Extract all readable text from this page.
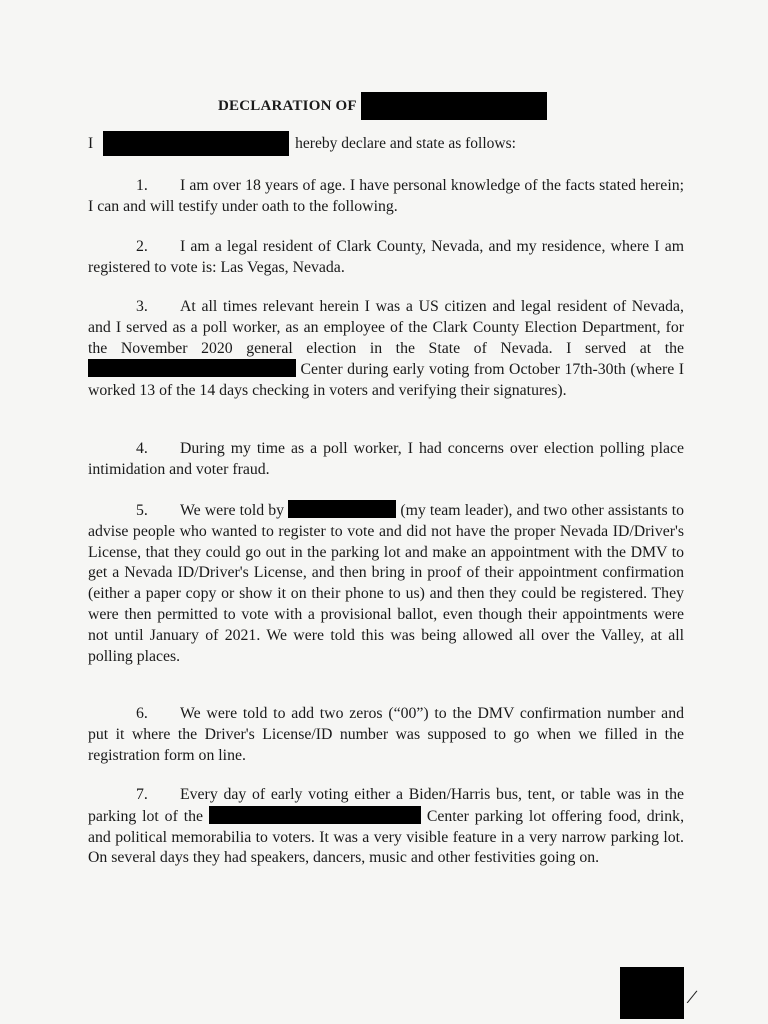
DECLARATION OF
I	hereby declare and state as follows:
1. I am over 18 years of age. I have personal knowledge of the facts stated herein; I can and will testify under oath to the following.
2. I am a legal resident of Clark County, Nevada, and my residence, where I am registered to vote is: Las Vegas, Nevada.
3. At all times relevant herein I was a US citizen and legal resident of Nevada, and I served as a poll worker, as an employee of the Clark County Election Department, for the November 2020 general election in the State of Nevada. I served at the  Center during early voting from October 17th-30th (where I worked 13 of the 14 days checking in voters and verifying their signatures).
4. During my time as a poll worker, I had concerns over election polling place intimidation and voter fraud.
5. We were told by	(my team leader), and two other assistants to advise people who wanted to register to vote and did not have the proper Nevada ID/Driver's License, that they could go out in the parking lot and make an appointment with the DMV to get a Nevada ID/Driver's License, and then bring in proof of their appointment confirmation (either a paper copy or show it on their phone to us) and then they could be registered. They were then permitted to vote with a provisional ballot, even though their appointments were not until January of 2021. We were told this was being allowed all over the Valley, at all polling places.
6. We were told to add two zeros (“00”) to the DMV confirmation number and put it where the Driver's License/ID number was supposed to go when we filled in the registration form on line.
7. Every day of early voting either a Biden/Harris bus, tent, or table was in the parking lot of the	Center parking lot offering food, drink, and political memorabilia to voters. It was a very visible feature in a very narrow parking lot. On several days they had speakers, dancers, music and other festivities going on.
/
